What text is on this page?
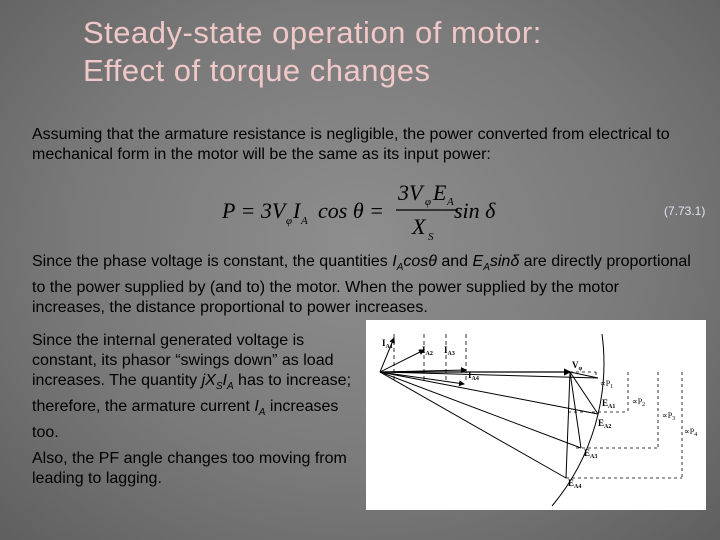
Steady-state operation of motor:
Effect of torque changes
Assuming that the armature resistance is negligible, the power converted from electrical to mechanical form in the motor will be the same as its input power:
P = 3V φ I A cos θ =
3V φ E A
X S
sin δ	(7.73.1)
Since the phase voltage is constant, the quantities $I_A\cos\theta$ and $E_A\sin\delta$ are directly proportional to the power supplied by (and to) the motor. When the power supplied by the motor increases, the distance proportional to power increases.
Since the internal generated voltage is constant, its phasor “swings down” as load increases. The quantity $jX_SI_A$ has to increase; therefore, the armature current $I_A$ increases too.
Also, the PF angle changes too moving from leading to lagging.
$I_{A1}$	$I_{A2}$ $I_{A3}$
$I_{A4}$
$V_\varphi$
$E_{A1}$
$E_{A2}$
$E_{A3}$
$E_{A4}$
$\propto P_1$
$\propto P_2$
$\propto P_3$
$\propto P_4$
